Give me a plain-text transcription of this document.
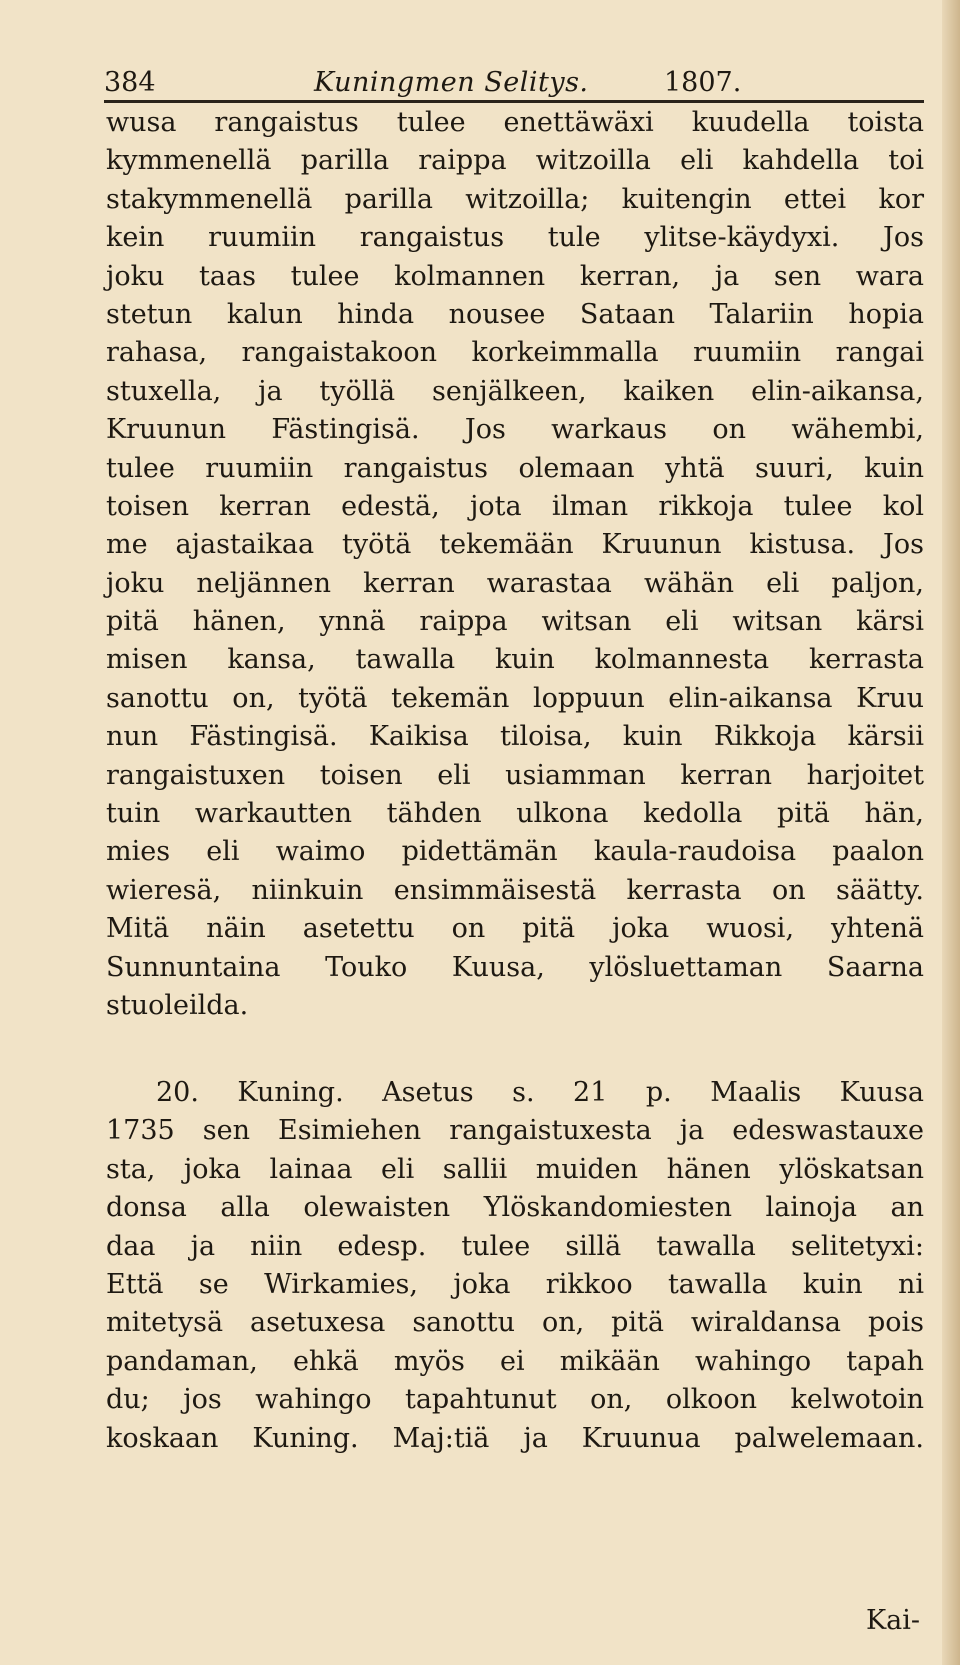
384	Kuningmen Selitys.	1807.
wusa rangaistus tulee enettäwäxi kuudella toista
kymmenellä parilla raippa witzoilla eli kahdella toi
stakymmenellä parilla witzoilla; kuitengin ettei kor
kein ruumiin rangaistus tule ylitse-käydyxi. Jos
joku taas tulee kolmannen kerran, ja sen wara
stetun kalun hinda nousee Sataan Talariin hopia
rahasa, rangaistakoon korkeimmalla ruumiin rangai
stuxella, ja työllä senjälkeen, kaiken elin-aikansa,
Kruunun Fästingisä. Jos warkaus on wähembi,
tulee ruumiin rangaistus olemaan yhtä suuri, kuin
toisen kerran edestä, jota ilman rikkoja tulee kol
me ajastaikaa työtä tekemään Kruunun kistusa. Jos
joku neljännen kerran warastaa wähän eli paljon,
pitä hänen, ynnä raippa witsan eli witsan kärsi
misen kansa, tawalla kuin kolmannesta kerrasta
sanottu on, työtä tekemän loppuun elin-aikansa Kruu
nun Fästingisä. Kaikisa tiloisa, kuin Rikkoja kärsii
rangaistuxen toisen eli usiamman kerran harjoitet
tuin warkautten tähden ulkona kedolla pitä hän,
mies eli waimo pidettämän kaula-raudoisa paalon
wieresä, niinkuin ensimmäisestä kerrasta on säätty.
Mitä näin asetettu on pitä joka wuosi, yhtenä
Sunnuntaina Touko Kuusa, ylösluettaman Saarna
stuoleilda.
20. Kuning. Asetus s. 21 p. Maalis Kuusa
1735 sen Esimiehen rangaistuxesta ja edeswastauxe
sta, joka lainaa eli sallii muiden hänen ylöskatsan
donsa alla olewaisten Ylöskandomiesten lainoja an
daa ja niin edesp. tulee sillä tawalla selitetyxi:
Että se Wirkamies, joka rikkoo tawalla kuin ni
mitetysä asetuxesa sanottu on, pitä wiraldansa pois
pandaman, ehkä myös ei mikään wahingo tapah
du; jos wahingo tapahtunut on, olkoon kelwotoin
koskaan Kuning. Maj:tiä ja Kruunua palwelemaan.
Kai-
